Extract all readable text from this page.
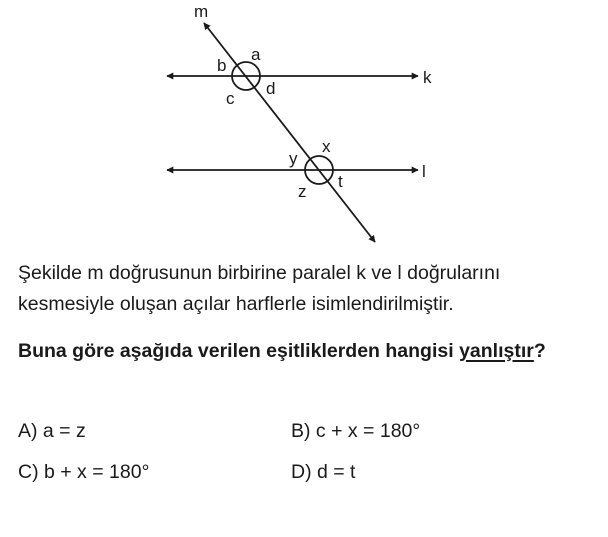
m
k
l
a
b
c
d
x
y
z
t

Şekilde m doğrusunun birbirine paralel k ve l doğrularını kesmesiyle oluşan açılar harflerle isimlendirilmiştir.

Buna göre aşağıda verilen eşitliklerden hangisi yanlıştır?

A) a = z	B) c + x = 180°
C) b + x = 180°	D) d = t
